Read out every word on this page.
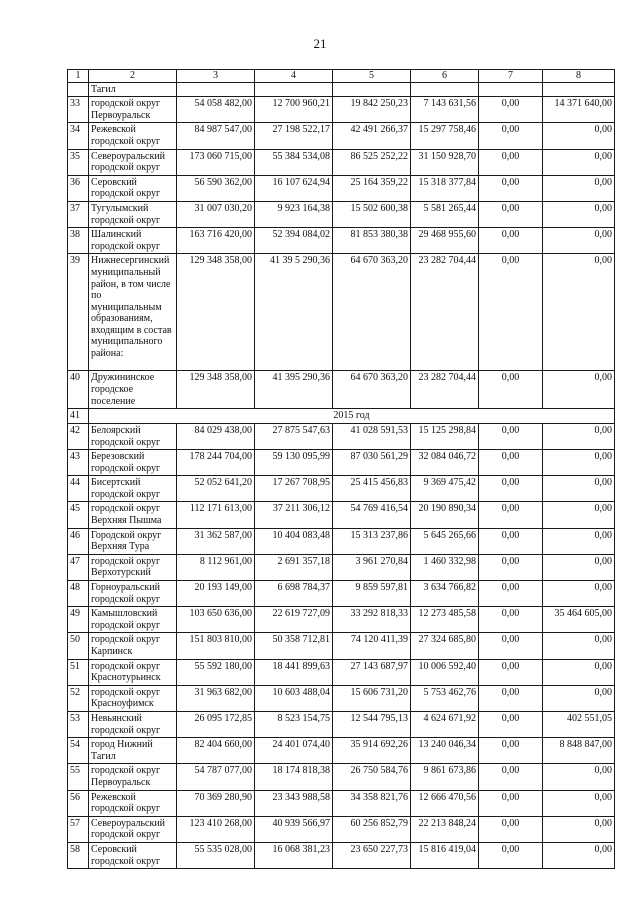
21
1	2	3	4	5	6	7	8
	Тагил						
33	городской округ Первоуральск	54 058 482,00	12 700 960,21	19 842 250,23	7 143 631,56	0,00	14 371 640,00
34	Режевской городской округ	84 987 547,00	27 198 522,17	42 491 266,37	15 297 758,46	0,00	0,00
35	Североуральский городской округ	173 060 715,00	55 384 534,08	86 525 252,22	31 150 928,70	0,00	0,00
36	Серовский городской округ	56 590 362,00	16 107 624,94	25 164 359,22	15 318 377,84	0,00	0,00
37	Тугулымский городской округ	31 007 030,20	9 923 164,38	15 502 600,38	5 581 265,44	0,00	0,00
38	Шалинский городской округ	163 716 420,00	52 394 084,02	81 853 380,38	29 468 955,60	0,00	0,00
39	Нижнесергинский муниципальный район, в том числе по муниципальным образованиям, входящим в состав муниципального района:	129 348 358,00	41 39 5 290,36	64 670 363,20	23 282 704,44	0,00	0,00
40	Дружининское городское поселение	129 348 358,00	41 395 290,36	64 670 363,20	23 282 704,44	0,00	0,00
41	2015 год						
42	Белоярский городской округ	84 029 438,00	27 875 547,63	41 028 591,53	15 125 298,84	0,00	0,00
43	Березовский городской округ	178 244 704,00	59 130 095,99	87 030 561,29	32 084 046,72	0,00	0,00
44	Бисертский городской округ	52 052 641,20	17 267 708,95	25 415 456,83	9 369 475,42	0,00	0,00
45	городской округ Верхняя Пышма	112 171 613,00	37 211 306,12	54 769 416,54	20 190 890,34	0,00	0,00
46	Городской округ Верхняя Тура	31 362 587,00	10 404 083,48	15 313 237,86	5 645 265,66	0,00	0,00
47	городской округ Верхотурский	8 112 961,00	2 691 357,18	3 961 270,84	1 460 332,98	0,00	0,00
48	Горноуральский городской округ	20 193 149,00	6 698 784,37	9 859 597,81	3 634 766,82	0,00	0,00
49	Камышловский городской округ	103 650 636,00	22 619 727,09	33 292 818,33	12 273 485,58	0,00	35 464 605,00
50	городской округ Карпинск	151 803 810,00	50 358 712,81	74 120 411,39	27 324 685,80	0,00	0,00
51	городской округ Краснотурьинск	55 592 180,00	18 441 899,63	27 143 687,97	10 006 592,40	0,00	0,00
52	городской округ Красноуфимск	31 963 682,00	10 603 488,04	15 606 731,20	5 753 462,76	0,00	0,00
53	Невьянский городской округ	26 095 172,85	8 523 154,75	12 544 795,13	4 624 671,92	0,00	402 551,05
54	город Нижний Тагил	82 404 660,00	24 401 074,40	35 914 692,26	13 240 046,34	0,00	8 848 847,00
55	городской округ Первоуральск	54 787 077,00	18 174 818,38	26 750 584,76	9 861 673,86	0,00	0,00
56	Режевской городской округ	70 369 280,90	23 343 988,58	34 358 821,76	12 666 470,56	0,00	0,00
57	Североуральский городской округ	123 410 268,00	40 939 566,97	60 256 852,79	22 213 848,24	0,00	0,00
58	Серовский городской округ	55 535 028,00	16 068 381,23	23 650 227,73	15 816 419,04	0,00	0,00
